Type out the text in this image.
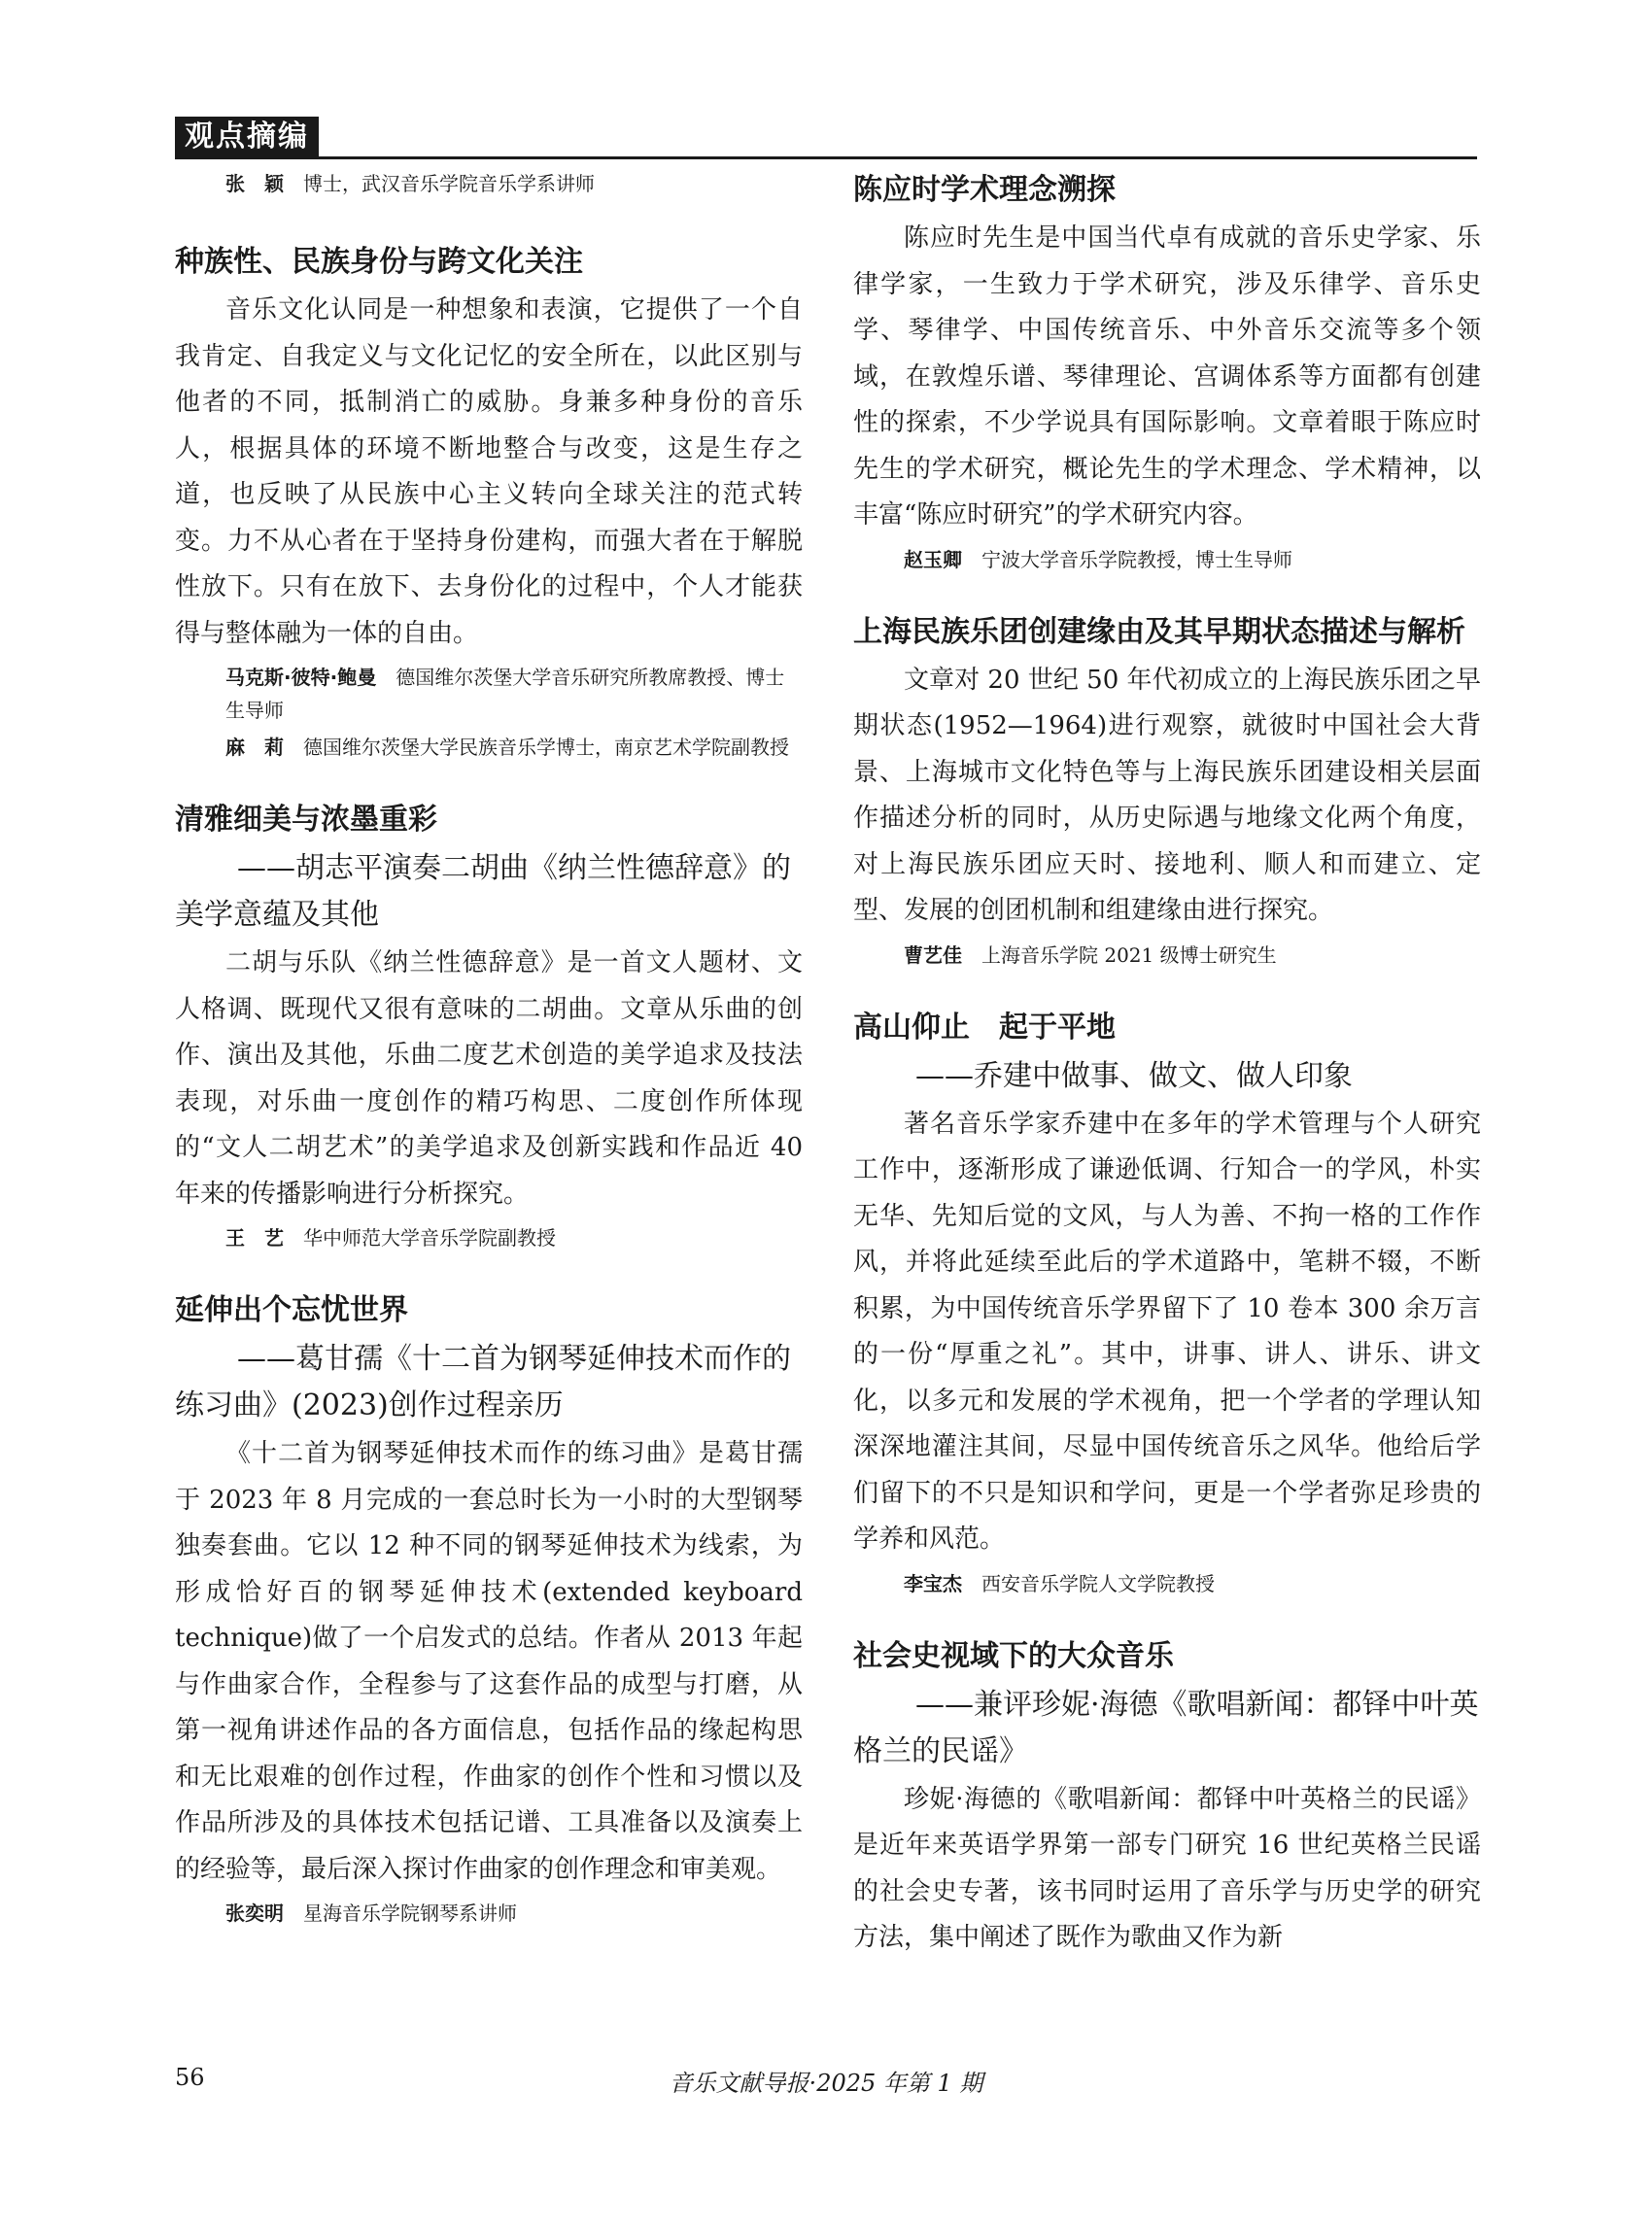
观点摘编

张　颖 博士，武汉音乐学院音乐学系讲师

种族性、民族身份与跨文化关注

音乐文化认同是一种想象和表演，它提供了一个自我肯定、自我定义与文化记忆的安全所在，以此区别与他者的不同，抵制消亡的威胁。身兼多种身份的音乐人，根据具体的环境不断地整合与改变，这是生存之道，也反映了从民族中心主义转向全球关注的范式转变。力不从心者在于坚持身份建构，而强大者在于解脱性放下。只有在放下、去身份化的过程中，个人才能获得与整体融为一体的自由。

马克斯·彼特·鲍曼 德国维尔茨堡大学音乐研究所教席教授、博士生导师

麻　莉 德国维尔茨堡大学民族音乐学博士，南京艺术学院副教授

清雅细美与浓墨重彩

——胡志平演奏二胡曲《纳兰性德辞意》的美学意蕴及其他

二胡与乐队《纳兰性德辞意》是一首文人题材、文人格调、既现代又很有意味的二胡曲。文章从乐曲的创作、演出及其他，乐曲二度艺术创造的美学追求及技法表现，对乐曲一度创作的精巧构思、二度创作所体现的“文人二胡艺术”的美学追求及创新实践和作品近 40 年来的传播影响进行分析探究。

王　艺 华中师范大学音乐学院副教授

延伸出个忘忧世界

——葛甘孺《十二首为钢琴延伸技术而作的练习曲》(2023)创作过程亲历

《十二首为钢琴延伸技术而作的练习曲》是葛甘孺于 2023 年 8 月完成的一套总时长为一小时的大型钢琴独奏套曲。它以 12 种不同的钢琴延伸技术为线索，为形成恰好百的钢琴延伸技术(extended keyboard technique)做了一个启发式的总结。作者从 2013 年起与作曲家合作，全程参与了这套作品的成型与打磨，从第一视角讲述作品的各方面信息，包括作品的缘起构思和无比艰难的创作过程，作曲家的创作个性和习惯以及作品所涉及的具体技术包括记谱、工具准备以及演奏上的经验等，最后深入探讨作曲家的创作理念和审美观。

张奕明 星海音乐学院钢琴系讲师

陈应时学术理念溯探

陈应时先生是中国当代卓有成就的音乐史学家、乐律学家，一生致力于学术研究，涉及乐律学、音乐史学、琴律学、中国传统音乐、中外音乐交流等多个领域，在敦煌乐谱、琴律理论、宫调体系等方面都有创建性的探索，不少学说具有国际影响。文章着眼于陈应时先生的学术研究，概论先生的学术理念、学术精神，以丰富“陈应时研究”的学术研究内容。

赵玉卿 宁波大学音乐学院教授，博士生导师

上海民族乐团创建缘由及其早期状态描述与解析

文章对 20 世纪 50 年代初成立的上海民族乐团之早期状态(1952—1964)进行观察，就彼时中国社会大背景、上海城市文化特色等与上海民族乐团建设相关层面作描述分析的同时，从历史际遇与地缘文化两个角度，对上海民族乐团应天时、接地利、顺人和而建立、定型、发展的创团机制和组建缘由进行探究。

曹艺佳 上海音乐学院 2021 级博士研究生

高山仰止　起于平地

——乔建中做事、做文、做人印象

著名音乐学家乔建中在多年的学术管理与个人研究工作中，逐渐形成了谦逊低调、行知合一的学风，朴实无华、先知后觉的文风，与人为善、不拘一格的工作作风，并将此延续至此后的学术道路中，笔耕不辍，不断积累，为中国传统音乐学界留下了 10 卷本 300 余万言的一份“厚重之礼”。其中，讲事、讲人、讲乐、讲文化，以多元和发展的学术视角，把一个学者的学理认知深深地灌注其间，尽显中国传统音乐之风华。他给后学们留下的不只是知识和学问，更是一个学者弥足珍贵的学养和风范。

李宝杰 西安音乐学院人文学院教授

社会史视域下的大众音乐

——兼评珍妮·海德《歌唱新闻：都铎中叶英格兰的民谣》

珍妮·海德的《歌唱新闻：都铎中叶英格兰的民谣》是近年来英语学界第一部专门研究 16 世纪英格兰民谣的社会史专著，该书同时运用了音乐学与历史学的研究方法，集中阐述了既作为歌曲又作为新

56	音乐文献导报·2025 年第 1 期
